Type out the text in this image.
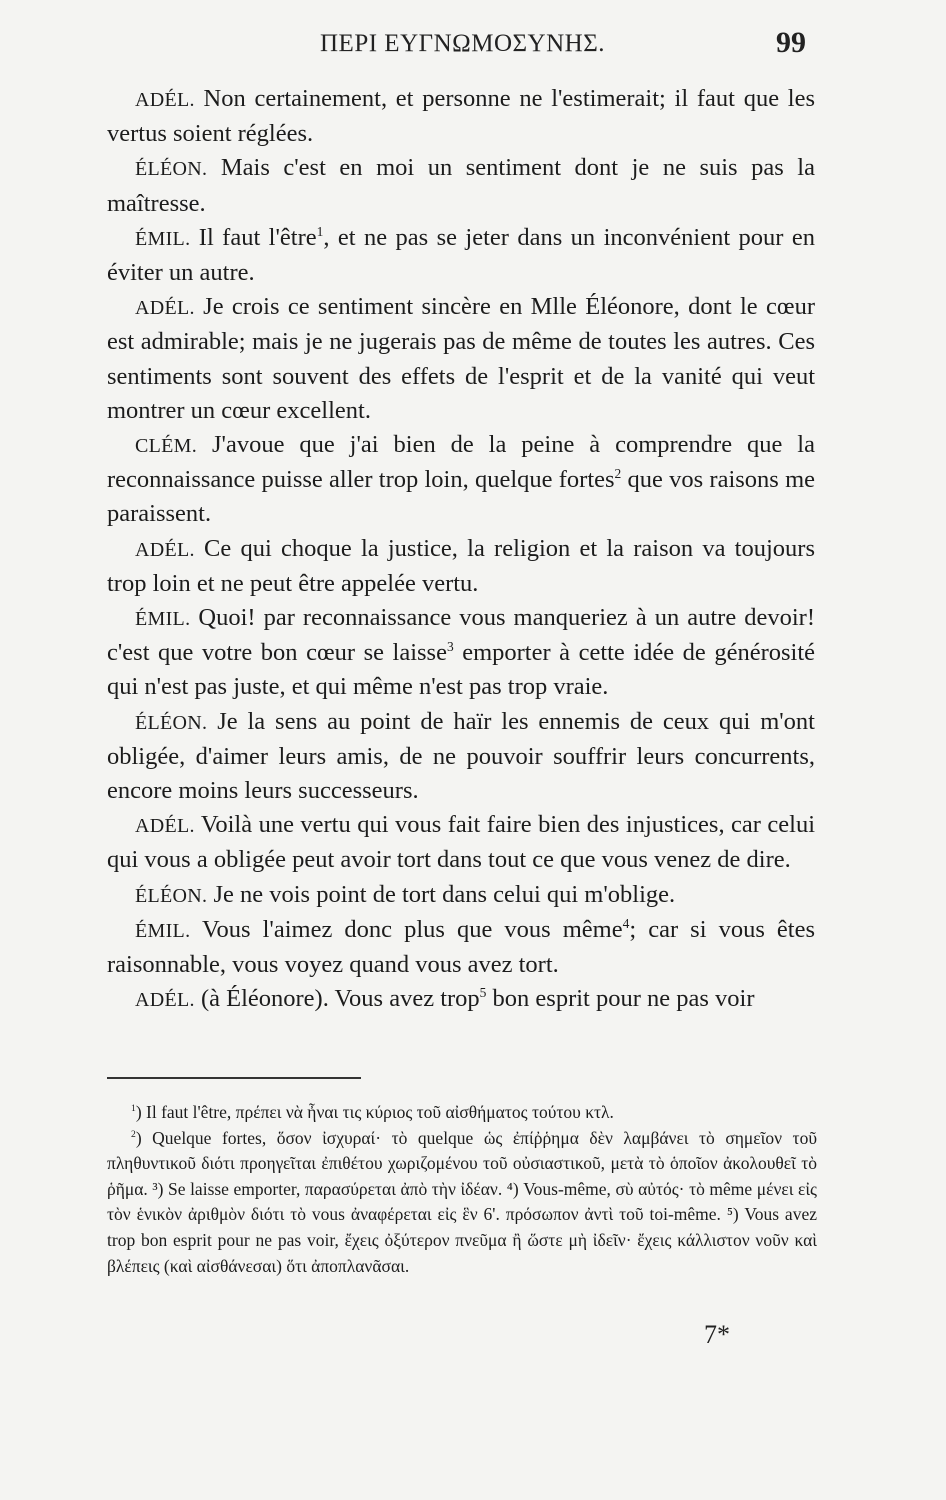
ΠΕΡΙ ΕΥΓΝΩΜΟΣΥΝΗΣ.	99

ADÉL. Non certainement, et personne ne l'estimerait; il faut que les vertus soient réglées.

ÉLÉON. Mais c'est en moi un sentiment dont je ne suis pas la maîtresse.

ÉMIL. Il faut l'être$^1$, et ne pas se jeter dans un inconvénient pour en éviter un autre.

ADÉL. Je crois ce sentiment sincère en Mlle Éléonore, dont le cœur est admirable; mais je ne jugerais pas de même de toutes les autres. Ces sentiments sont souvent des effets de l'esprit et de la vanité qui veut montrer un cœur excellent.

CLÉM. J'avoue que j'ai bien de la peine à comprendre que la reconnaissance puisse aller trop loin, quelque fortes$^2$ que vos raisons me paraissent.

ADÉL. Ce qui choque la justice, la religion et la raison va toujours trop loin et ne peut être appelée vertu.

ÉMIL. Quoi! par reconnaissance vous manqueriez à un autre devoir! c'est que votre bon cœur se laisse$^3$ emporter à cette idée de générosité qui n'est pas juste, et qui même n'est pas trop vraie.

ÉLÉON. Je la sens au point de haïr les ennemis de ceux qui m'ont obligée, d'aimer leurs amis, de ne pouvoir souffrir leurs concurrents, encore moins leurs successeurs.

ADÉL. Voilà une vertu qui vous fait faire bien des injustices, car celui qui vous a obligée peut avoir tort dans tout ce que vous venez de dire.

ÉLÉON. Je ne vois point de tort dans celui qui m'oblige.

ÉMIL. Vous l'aimez donc plus que vous même$^4$; car si vous êtes raisonnable, vous voyez quand vous avez tort.

ADÉL. (à Éléonore). Vous avez trop$^5$ bon esprit pour ne pas voir

$^1$) Il faut l'être, πρέπει νὰ ἦναι τις κύριος τοῦ αἰσθήματος τούτου κτλ.

$^2$) Quelque fortes, ὅσον ἰσχυραί· τὸ quelque ὡς ἐπίῤῥημα δὲν λαμβάνει τὸ σημεῖον τοῦ πληθυντικοῦ διότι προηγεῖται ἐπιθέτου χωριζομένου τοῦ οὐσιαστικοῦ, μετὰ τὸ ὁποῖον ἀκολουθεῖ τὸ ῥῆμα. ³) Se laisse emporter, παρασύρεται ἀπὸ τὴν ἰδέαν. ⁴) Vous-même, σὺ αὐτός· τὸ même μένει εἰς τὸν ἑνικὸν ἀριθμὸν διότι τὸ vous ἀναφέρεται εἰς ἓν 6'. πρόσωπον ἀντὶ τοῦ toi-même. ⁵) Vous avez trop bon esprit pour ne pas voir, ἔχεις ὀξύτερον πνεῦμα ἢ ὥστε μὴ ἰδεῖν· ἔχεις κάλλιστον νοῦν καὶ βλέπεις (καὶ αἰσθάνεσαι) ὅτι ἀποπλανᾶσαι.

7*
